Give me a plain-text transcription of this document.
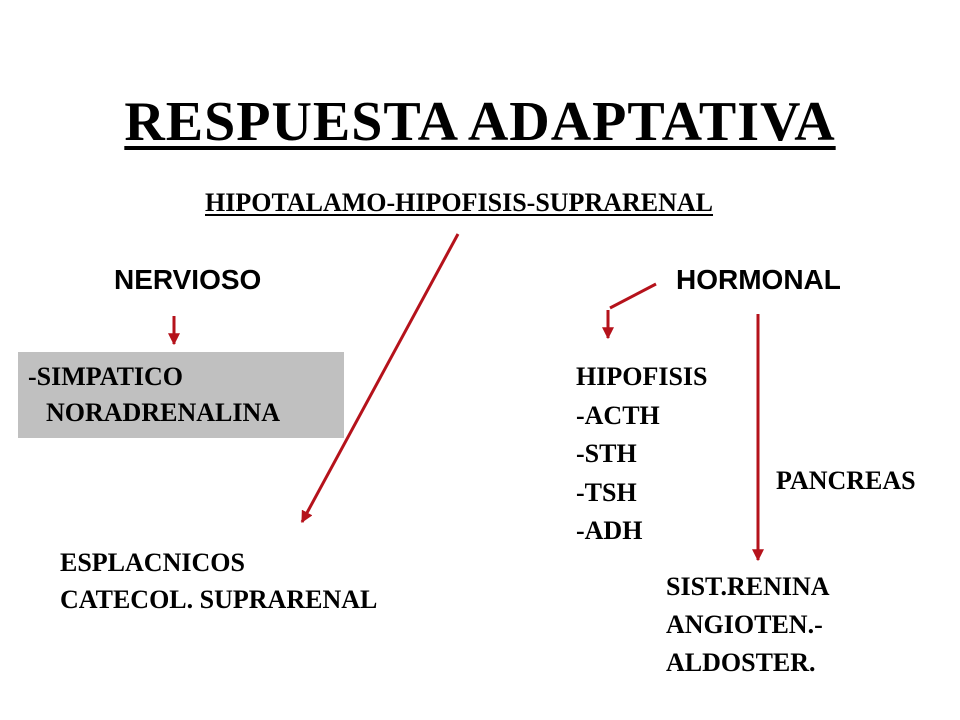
RESPUESTA ADAPTATIVA
HIPOTALAMO-HIPOFISIS-SUPRARENAL
NERVIOSO	HORMONAL
-SIMPATICO
NORADRENALINA
HIPOFISIS
-ACTH
-STH
-TSH
-ADH
PANCREAS
ESPLACNICOS
CATECOL. SUPRARENAL	SIST.RENINA
ANGIOTEN.-
ALDOSTER.
